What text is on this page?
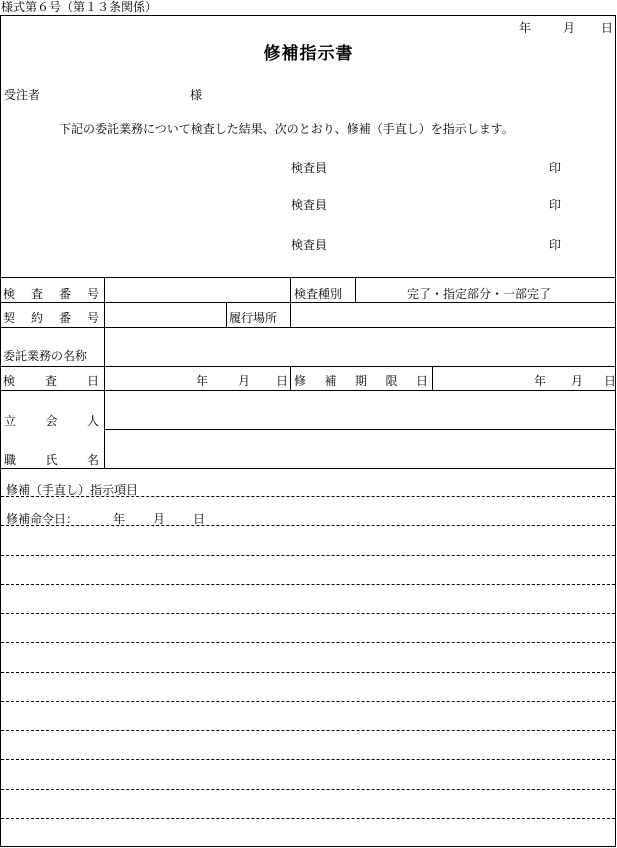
様式第６号（第１３条関係）
年	月 日
修補指示書
受注者	様
下記の委託業務について検査した結果、次のとおり、修補（手直し）を指示します。
検査員	印
検査員	印
検査員	印
検 査 番 号	検査種別	完了・指定部分・一部完了
契 約 番 号	履行場所
委託業務の名称
検 査 日	年 月 日 修 補 期 限 日	年 月 日
立 会 人
職 氏 名
修補（手直し）指示項目
修補命令日：	年 月 日
